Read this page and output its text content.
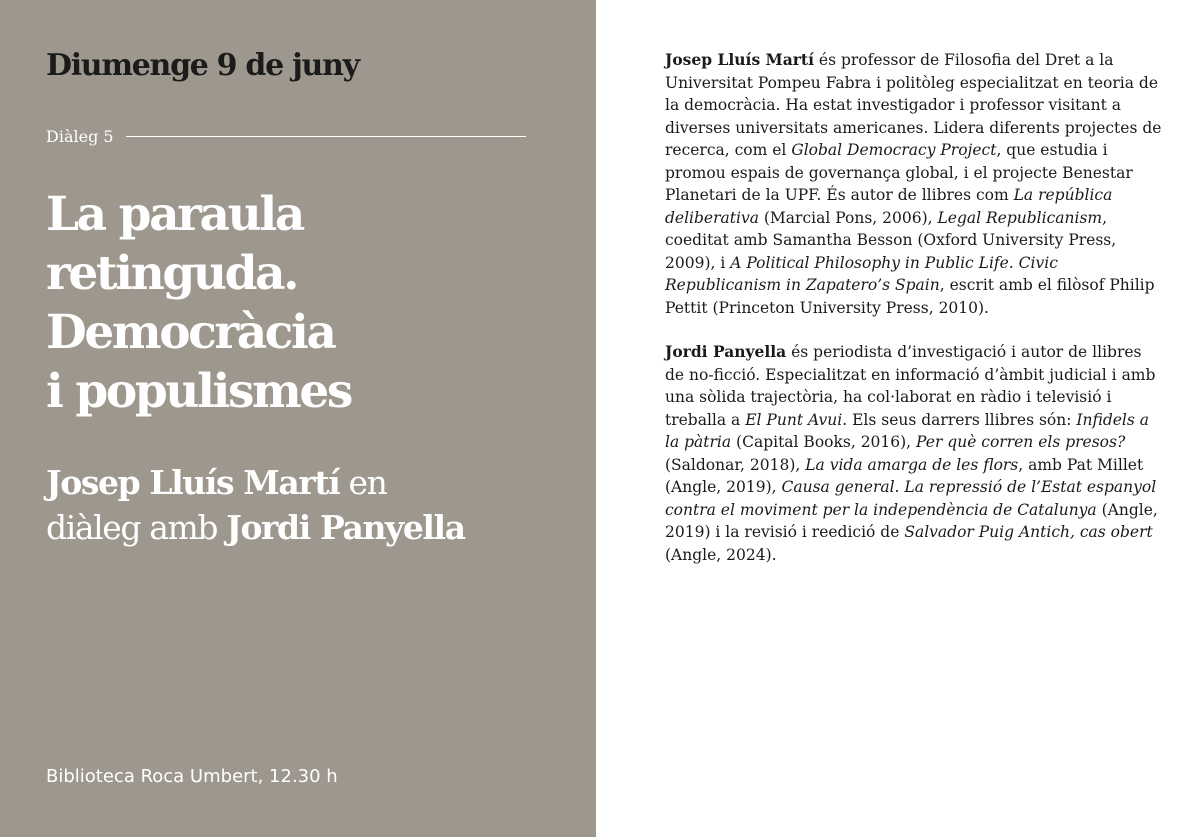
Diumenge 9 de juny
Diàleg 5
La paraula
retinguda.
Democràcia
i populismes
Josep Lluís Martí en
diàleg amb Jordi Panyella
Biblioteca Roca Umbert, 12.30 h

Josep Lluís Martí és professor de Filosofia del Dret a la Universitat Pompeu Fabra i politòleg especialitzat en teoria de la democràcia. Ha estat investigador i professor visitant a diverses universitats americanes. Lidera diferents projectes de recerca, com el Global Democracy Project, que estudia i promou espais de governança global, i el projecte Benestar Planetari de la UPF. És autor de llibres com La república deliberativa (Marcial Pons, 2006), Legal Republicanism, coeditat amb Samantha Besson (Oxford University Press, 2009), i A Political Philosophy in Public Life. Civic Republicanism in Zapatero’s Spain, escrit amb el filòsof Philip Pettit (Princeton University Press, 2010).

Jordi Panyella és periodista d’investigació i autor de llibres de no-ficció. Especialitzat en informació d’àmbit judicial i amb una sòlida trajectòria, ha col·laborat en ràdio i televisió i treballa a El Punt Avui. Els seus darrers llibres són: Infidels a la pàtria (Capital Books, 2016), Per què corren els presos? (Saldonar, 2018), La vida amarga de les flors, amb Pat Millet (Angle, 2019), Causa general. La repressió de l’Estat espanyol contra el moviment per la independència de Catalunya (Angle, 2019) i la revisió i reedició de Salvador Puig Antich, cas obert (Angle, 2024).
